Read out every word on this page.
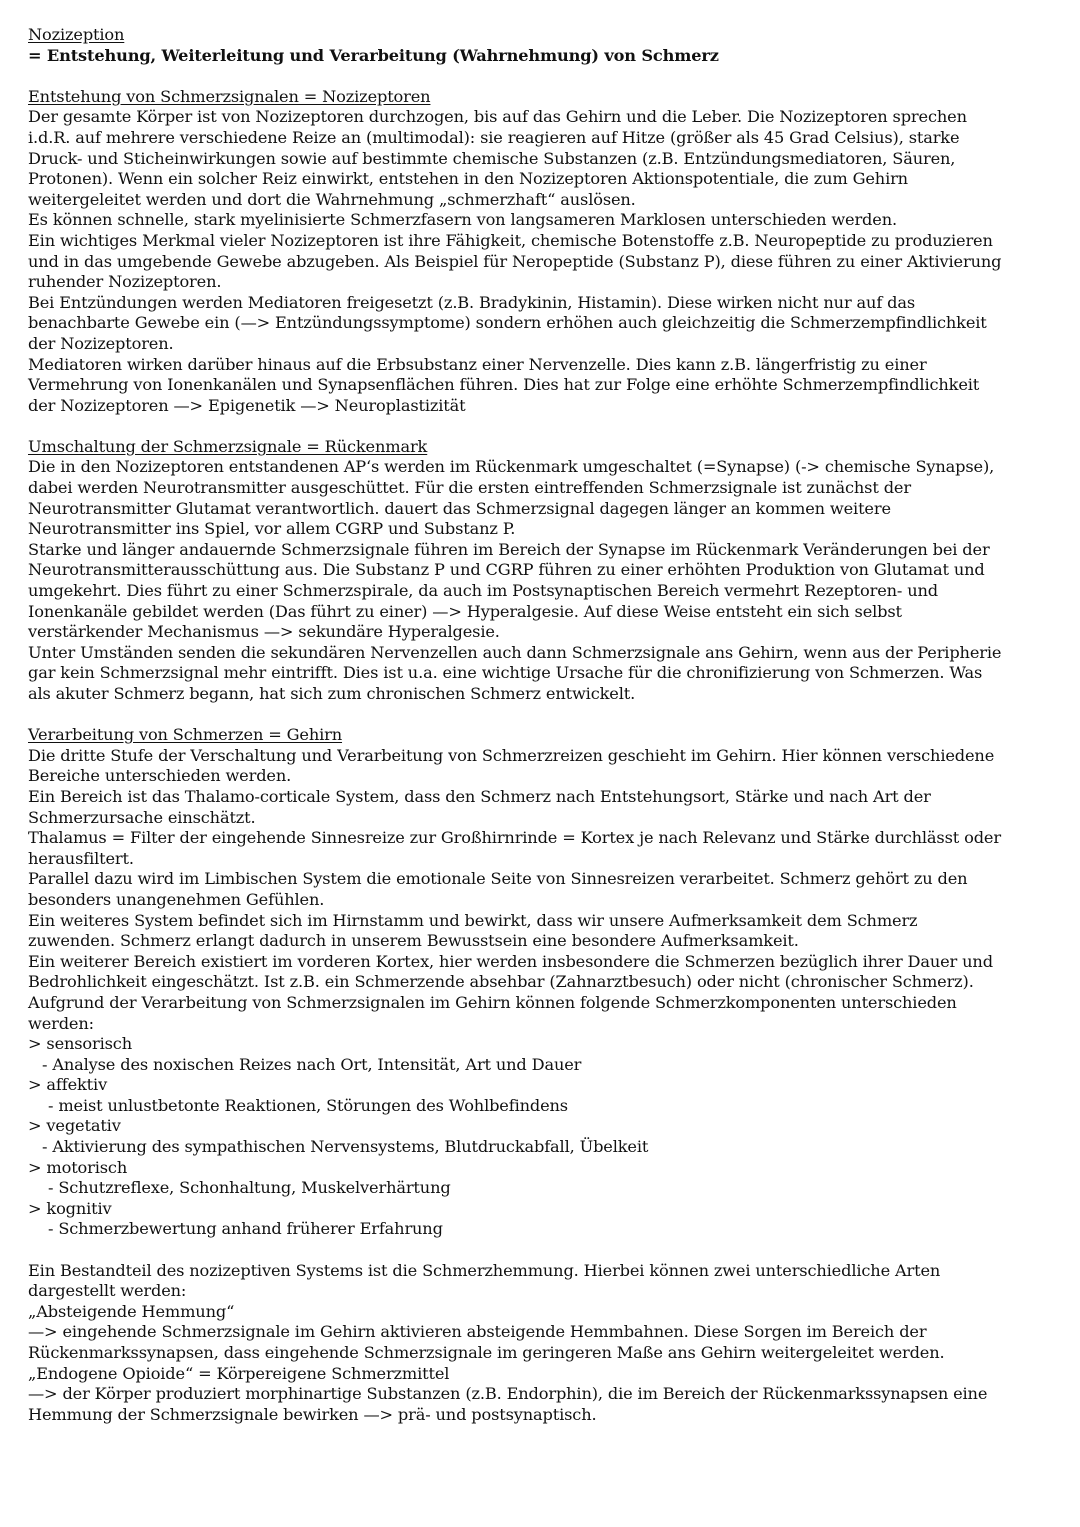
Nozizeption
= Entstehung, Weiterleitung und Verarbeitung (Wahrnehmung) von Schmerz
Entstehung von Schmerzsignalen = Nozizeptoren
Der gesamte Körper ist von Nozizeptoren durchzogen, bis auf das Gehirn und die Leber. Die Nozizeptoren sprechen
i.d.R. auf mehrere verschiedene Reize an (multimodal): sie reagieren auf Hitze (größer als 45 Grad Celsius), starke
Druck- und Sticheinwirkungen sowie auf bestimmte chemische Substanzen (z.B. Entzündungsmediatoren, Säuren,
Protonen). Wenn ein solcher Reiz einwirkt, entstehen in den Nozizeptoren Aktionspotentiale, die zum Gehirn
weitergeleitet werden und dort die Wahrnehmung „schmerzhaft“ auslösen.
Es können schnelle, stark myelinisierte Schmerzfasern von langsameren Marklosen unterschieden werden.
Ein wichtiges Merkmal vieler Nozizeptoren ist ihre Fähigkeit, chemische Botenstoffe z.B. Neuropeptide zu produzieren
und in das umgebende Gewebe abzugeben. Als Beispiel für Neropeptide (Substanz P), diese führen zu einer Aktivierung
ruhender Nozizeptoren.
Bei Entzündungen werden Mediatoren freigesetzt (z.B. Bradykinin, Histamin). Diese wirken nicht nur auf das
benachbarte Gewebe ein (—> Entzündungssymptome) sondern erhöhen auch gleichzeitig die Schmerzempfindlichkeit
der Nozizeptoren.
Mediatoren wirken darüber hinaus auf die Erbsubstanz einer Nervenzelle. Dies kann z.B. längerfristig zu einer
Vermehrung von Ionenkanälen und Synapsenflächen führen. Dies hat zur Folge eine erhöhte Schmerzempfindlichkeit
der Nozizeptoren —> Epigenetik —> Neuroplastizität
Umschaltung der Schmerzsignale = Rückenmark
Die in den Nozizeptoren entstandenen AP‘s werden im Rückenmark umgeschaltet (=Synapse) (-> chemische Synapse),
dabei werden Neurotransmitter ausgeschüttet. Für die ersten eintreffenden Schmerzsignale ist zunächst der
Neurotransmitter Glutamat verantwortlich. dauert das Schmerzsignal dagegen länger an kommen weitere
Neurotransmitter ins Spiel, vor allem CGRP und Substanz P.
Starke und länger andauernde Schmerzsignale führen im Bereich der Synapse im Rückenmark Veränderungen bei der
Neurotransmitterausschüttung aus. Die Substanz P und CGRP führen zu einer erhöhten Produktion von Glutamat und
umgekehrt. Dies führt zu einer Schmerzspirale, da auch im Postsynaptischen Bereich vermehrt Rezeptoren- und
Ionenkanäle gebildet werden (Das führt zu einer) —> Hyperalgesie. Auf diese Weise entsteht ein sich selbst
verstärkender Mechanismus —> sekundäre Hyperalgesie.
Unter Umständen senden die sekundären Nervenzellen auch dann Schmerzsignale ans Gehirn, wenn aus der Peripherie
gar kein Schmerzsignal mehr eintrifft. Dies ist u.a. eine wichtige Ursache für die chronifizierung von Schmerzen. Was
als akuter Schmerz begann, hat sich zum chronischen Schmerz entwickelt.
Verarbeitung von Schmerzen = Gehirn
Die dritte Stufe der Verschaltung und Verarbeitung von Schmerzreizen geschieht im Gehirn. Hier können verschiedene
Bereiche unterschieden werden.
Ein Bereich ist das Thalamo-corticale System, dass den Schmerz nach Entstehungsort, Stärke und nach Art der
Schmerzursache einschätzt.
Thalamus = Filter der eingehende Sinnesreize zur Großhirnrinde = Kortex je nach Relevanz und Stärke durchlässt oder
herausfiltert.
Parallel dazu wird im Limbischen System die emotionale Seite von Sinnesreizen verarbeitet. Schmerz gehört zu den
besonders unangenehmen Gefühlen.
Ein weiteres System befindet sich im Hirnstamm und bewirkt, dass wir unsere Aufmerksamkeit dem Schmerz
zuwenden. Schmerz erlangt dadurch in unserem Bewusstsein eine besondere Aufmerksamkeit.
Ein weiterer Bereich existiert im vorderen Kortex, hier werden insbesondere die Schmerzen bezüglich ihrer Dauer und
Bedrohlichkeit eingeschätzt. Ist z.B. ein Schmerzende absehbar (Zahnarztbesuch) oder nicht (chronischer Schmerz).
Aufgrund der Verarbeitung von Schmerzsignalen im Gehirn können folgende Schmerzkomponenten unterschieden
werden:
> sensorisch
- Analyse des noxischen Reizes nach Ort, Intensität, Art und Dauer
> affektiv
- meist unlustbetonte Reaktionen, Störungen des Wohlbefindens
> vegetativ
- Aktivierung des sympathischen Nervensystems, Blutdruckabfall, Übelkeit
> motorisch
- Schutzreflexe, Schonhaltung, Muskelverhärtung
> kognitiv
- Schmerzbewertung anhand früherer Erfahrung
Ein Bestandteil des nozizeptiven Systems ist die Schmerzhemmung. Hierbei können zwei unterschiedliche Arten
dargestellt werden:
„Absteigende Hemmung“
—> eingehende Schmerzsignale im Gehirn aktivieren absteigende Hemmbahnen. Diese Sorgen im Bereich der
Rückenmarkssynapsen, dass eingehende Schmerzsignale im geringeren Maße ans Gehirn weitergeleitet werden.
„Endogene Opioide“ = Körpereigene Schmerzmittel
—> der Körper produziert morphinartige Substanzen (z.B. Endorphin), die im Bereich der Rückenmarkssynapsen eine
Hemmung der Schmerzsignale bewirken —> prä- und postsynaptisch.
